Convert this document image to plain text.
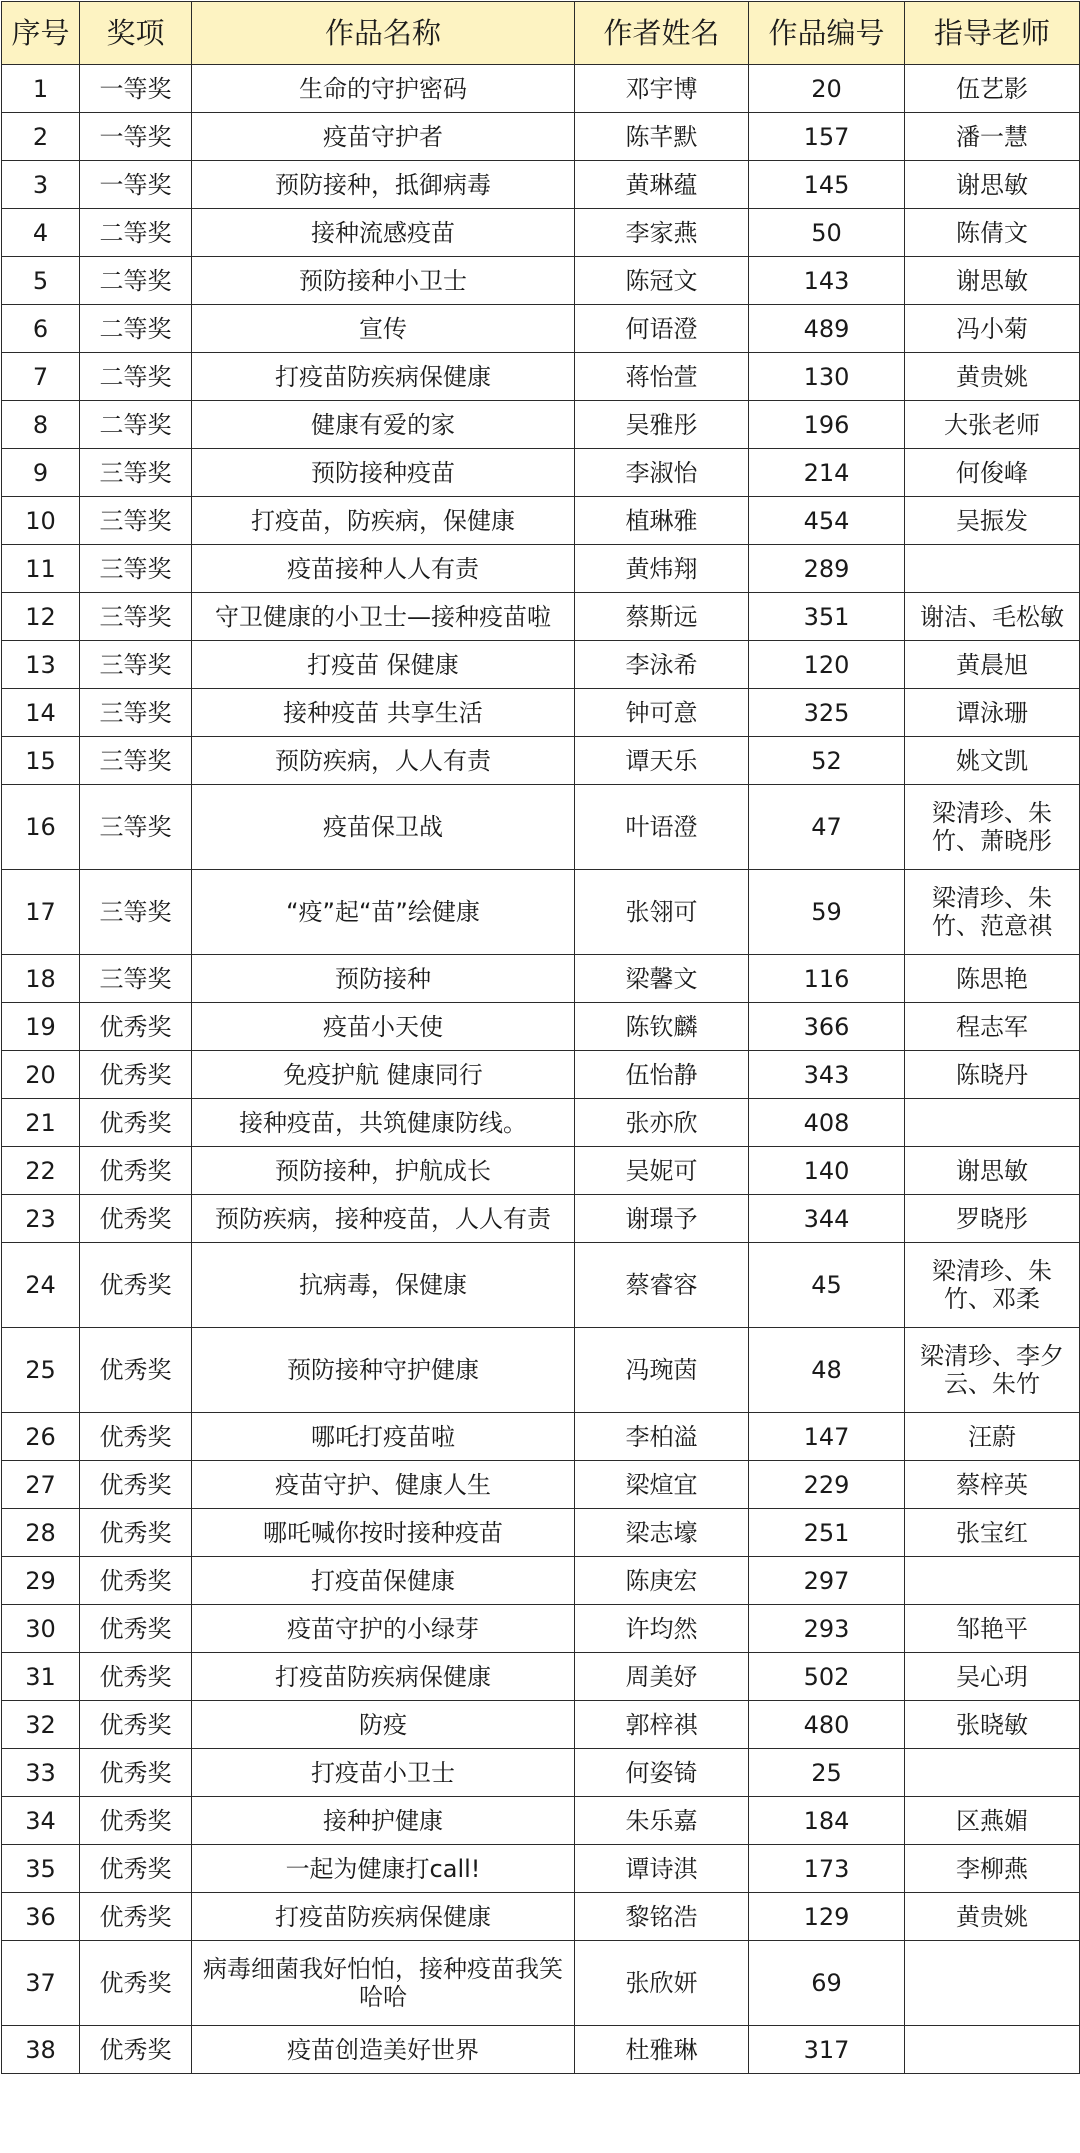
序号	奖项	作品名称	作者姓名	作品编号	指导老师
1	一等奖	生命的守护密码	邓宇博	20	伍艺影
2	一等奖	疫苗守护者	陈芊默	157	潘一慧
3	一等奖	预防接种，抵御病毒	黄琳蕴	145	谢思敏
4	二等奖	接种流感疫苗	李家燕	50	陈倩文
5	二等奖	预防接种小卫士	陈冠文	143	谢思敏
6	二等奖	宣传	何语澄	489	冯小菊
7	二等奖	打疫苗防疾病保健康	蒋怡萱	130	黄贵姚
8	二等奖	健康有爱的家	吴雅彤	196	大张老师
9	三等奖	预防接种疫苗	李淑怡	214	何俊峰
10	三等奖	打疫苗，防疾病，保健康	植琳雅	454	吴振发
11	三等奖	疫苗接种人人有责	黄炜翔	289	
12	三等奖	守卫健康的小卫士—接种疫苗啦	蔡斯远	351	谢洁、毛松敏
13	三等奖	打疫苗 保健康	李泳希	120	黄晨旭
14	三等奖	接种疫苗 共享生活	钟可意	325	谭泳珊
15	三等奖	预防疾病，人人有责	谭天乐	52	姚文凯
16	三等奖	疫苗保卫战	叶语澄	47	梁清珍、朱竹、萧晓彤
17	三等奖	“疫”起“苗”绘健康	张翎可	59	梁清珍、朱竹、范意祺
18	三等奖	预防接种	梁馨文	116	陈思艳
19	优秀奖	疫苗小天使	陈钦麟	366	程志军
20	优秀奖	免疫护航 健康同行	伍怡静	343	陈晓丹
21	优秀奖	接种疫苗，共筑健康防线。	张亦欣	408	
22	优秀奖	预防接种，护航成长	吴妮可	140	谢思敏
23	优秀奖	预防疾病，接种疫苗，人人有责	谢璟予	344	罗晓彤
24	优秀奖	抗病毒，保健康	蔡睿容	45	梁清珍、朱竹、邓柔
25	优秀奖	预防接种守护健康	冯琬茵	48	梁清珍、李夕云、朱竹
26	优秀奖	哪吒打疫苗啦	李柏溢	147	汪蔚
27	优秀奖	疫苗守护、健康人生	梁煊宜	229	蔡梓英
28	优秀奖	哪吒喊你按时接种疫苗	梁志壕	251	张宝红
29	优秀奖	打疫苗保健康	陈庚宏	297	
30	优秀奖	疫苗守护的小绿芽	许均然	293	邹艳平
31	优秀奖	打疫苗防疾病保健康	周美妤	502	吴心玥
32	优秀奖	防疫	郭梓祺	480	张晓敏
33	优秀奖	打疫苗小卫士	何姿锜	25	
34	优秀奖	接种护健康	朱乐嘉	184	区燕媚
35	优秀奖	一起为健康打call!	谭诗淇	173	李柳燕
36	优秀奖	打疫苗防疾病保健康	黎铭浩	129	黄贵姚
37	优秀奖	病毒细菌我好怕怕，接种疫苗我笑哈哈	张欣妍	69	
38	优秀奖	疫苗创造美好世界	杜雅琳	317	
